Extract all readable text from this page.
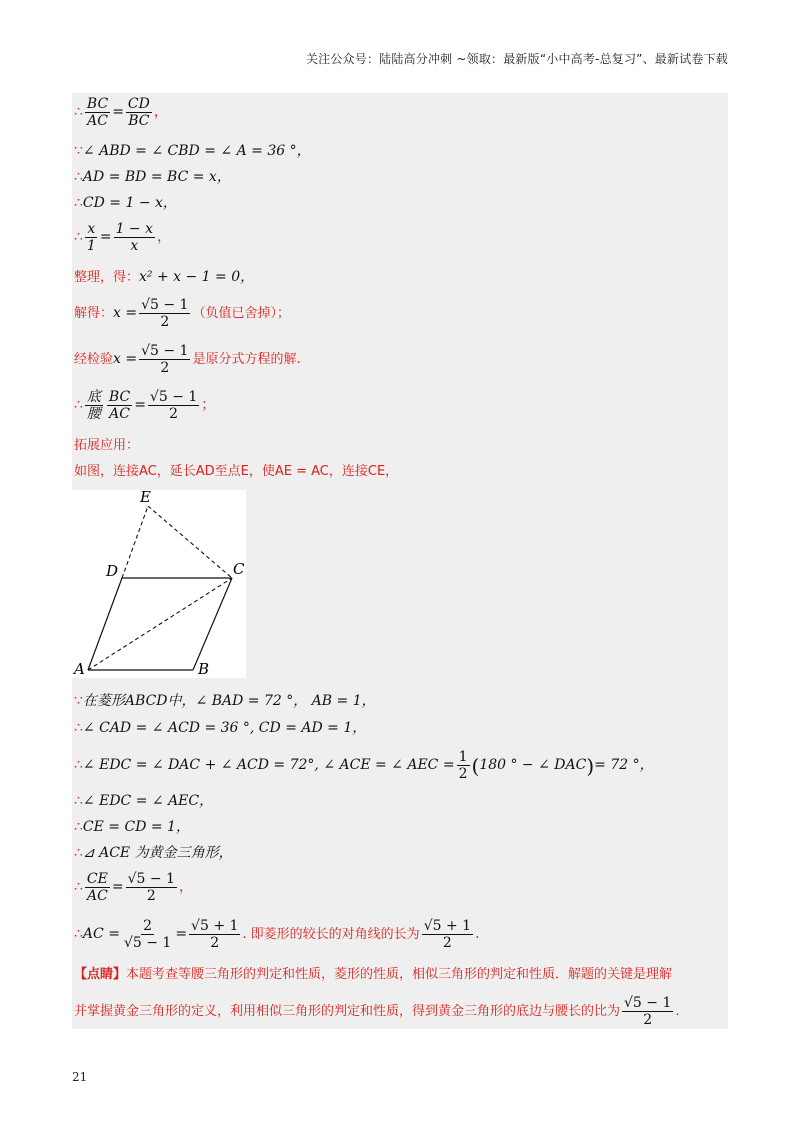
关注公众号：陆陆高分冲刺 ~领取：最新版“小中高考-总复习”、最新试卷下载
∴ $\frac{BC}{AC} = \frac{CD}{BC}$ ，
∵ ∠ ABD = ∠ CBD = ∠ A = 36 °，
∴ AD = BD = BC = x，
∴ CD = 1 − x，
∴ $\frac{x}{1} = \frac{1 - x}{x}$ ，
整理，得： x² + x − 1 = 0，
解得： $x = \frac{√5 - 1}{2}$ （负值已舍掉）；
经检验 $x = \frac{√5 - 1}{2}$ 是原分式方程的解.
∴ $\frac{\text{底}}{\text{腰}} \frac{BC}{AC} = \frac{√5 - 1}{2}$ ；
拓展应用：
如图，连接AC，延长AD至点E，使AE = AC，连接CE，
A	B
C
D
E
∵ 在菱形ABCD中，∠ BAD = 72 °， AB = 1，
∴ ∠ CAD = ∠ ACD = 36 °, CD = AD = 1，
∴ ∠ EDC = ∠ DAC + ∠ ACD = 72°, ∠ ACE = ∠ AEC = $\frac{1}{2}$ ( 180 ° − ∠ DAC ) = 72 °，
∴ ∠ EDC = ∠ AEC，
∴ CE = CD = 1，
∴ ⊿ ACE 为黄金三角形，
∴ $\frac{CE}{AC} = \frac{√5 - 1}{2}$ ，
∴ AC = $\frac{2}{√5 - 1} = \frac{√5 + 1}{2}$ . 即菱形的较长的对角线的长为 $\frac{√5 + 1}{2}$ .
【点睛】 本题考查等腰三角形的判定和性质，菱形的性质，相似三角形的判定和性质．解题的关键是理解
并掌握黄金三角形的定义，利用相似三角形的判定和性质，得到黄金三角形的底边与腰长的比为 $\frac{√5 - 1}{2}$ .
21
